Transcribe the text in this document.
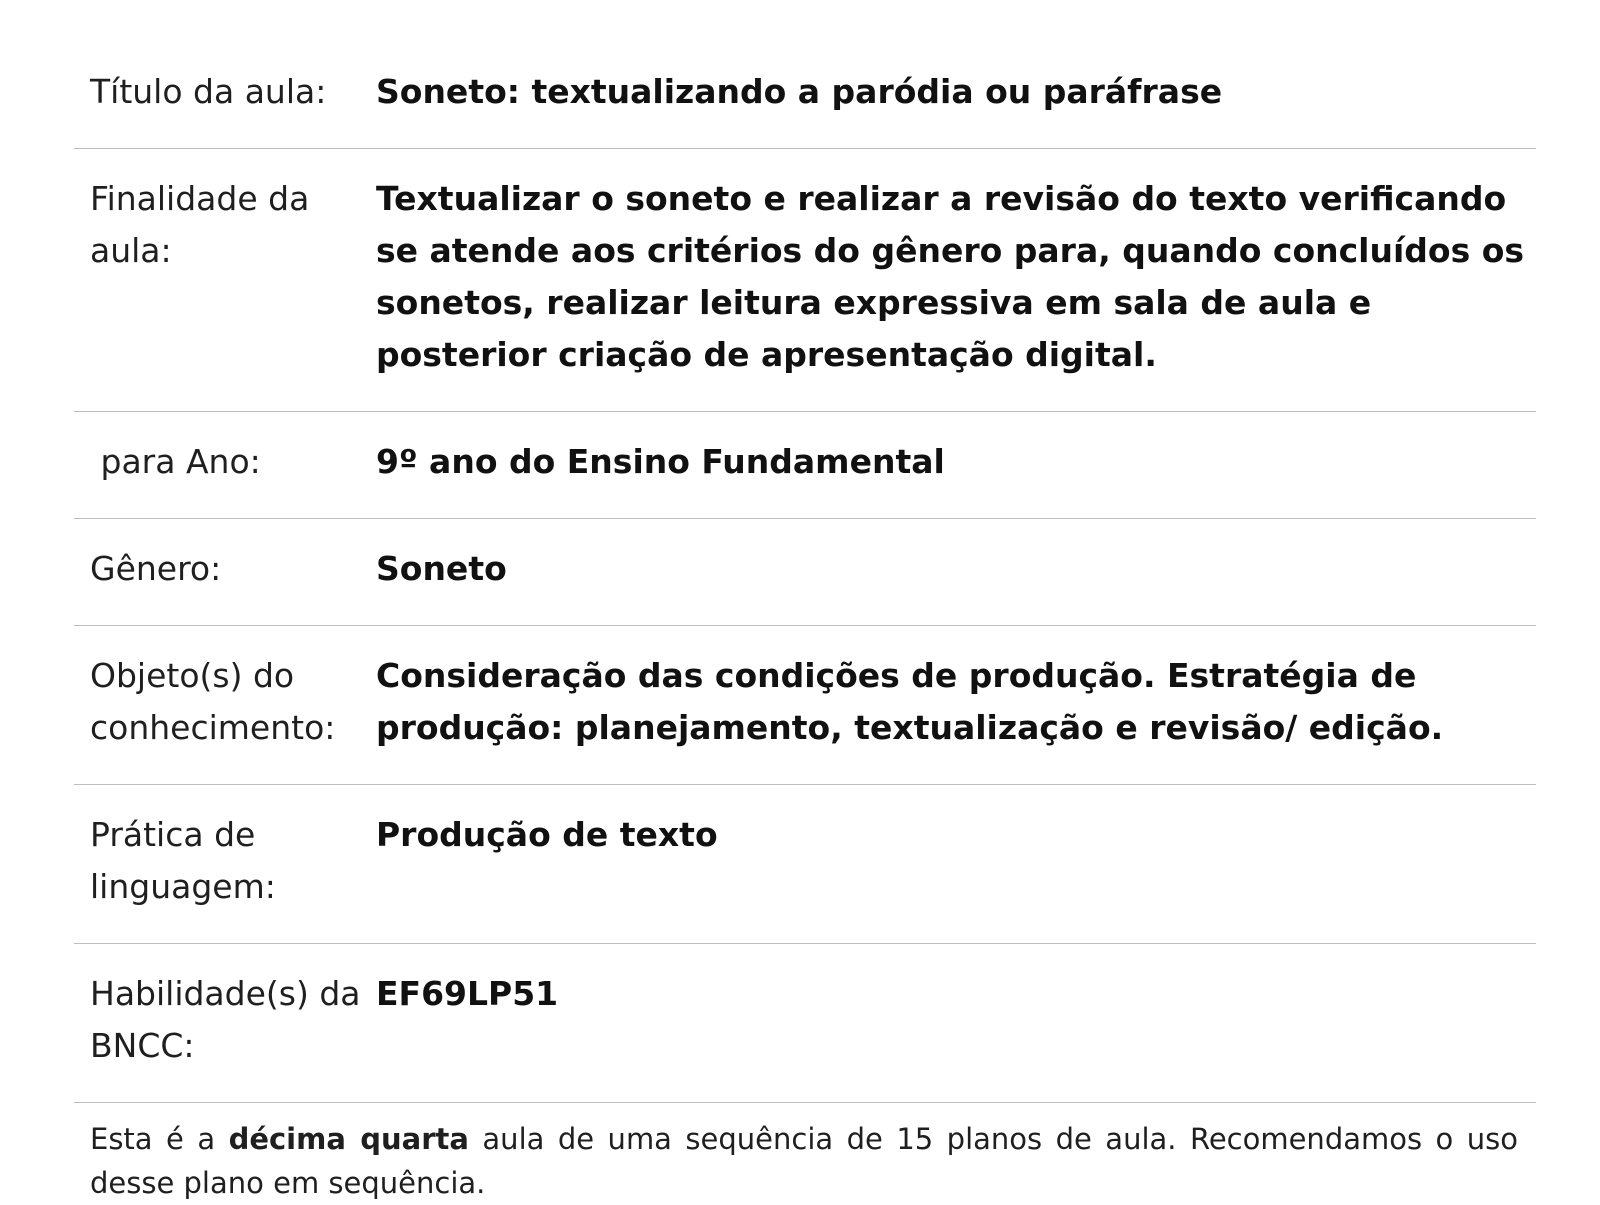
Título da aula:	Soneto: textualizando a paródia ou paráfrase
Finalidade da aula:
Textualizar o soneto e realizar a revisão do texto verificando se atende aos critérios do gênero para, quando concluídos os sonetos, realizar leitura expressiva em sala de aula e posterior criação de apresentação digital.
para Ano:	9º ano do Ensino Fundamental
Gênero:	Soneto
Objeto(s) do conhecimento:
Consideração das condições de produção. Estratégia de produção: planejamento, textualização e revisão/ edição.
Prática de linguagem:
Produção de texto
Habilidade(s) da BNCC:
EF69LP51
Esta é a décima quarta aula de uma sequência de 15 planos de aula. Recomendamos o uso desse plano em sequência.
